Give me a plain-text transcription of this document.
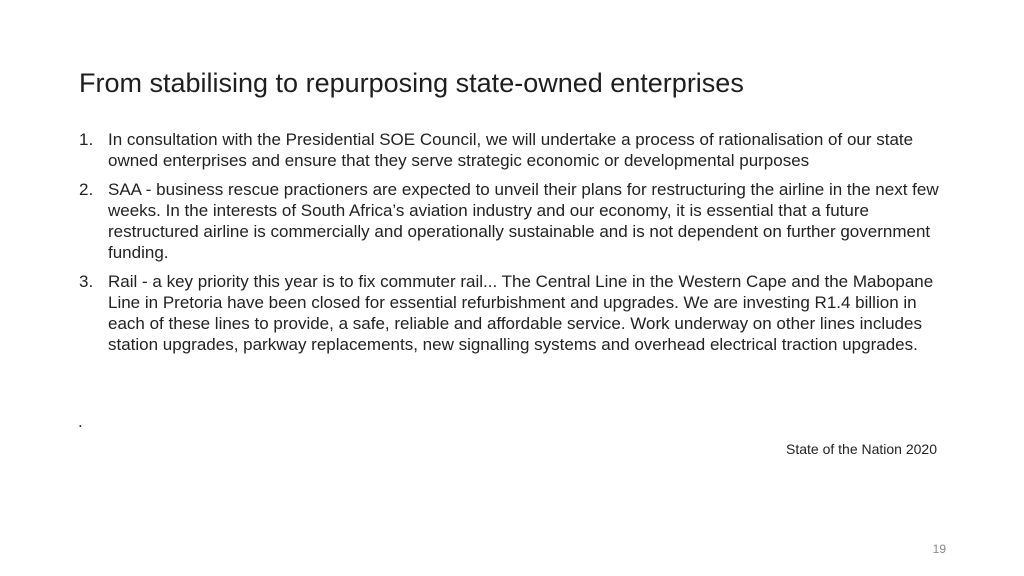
From stabilising to repurposing state-owned enterprises
1. In consultation with the Presidential SOE Council, we will undertake a process of rationalisation of our state owned enterprises and ensure that they serve strategic economic or developmental purposes
2. SAA - business rescue practioners are expected to unveil their plans for restructuring the airline in the next few weeks. In the interests of South Africa’s aviation industry and our economy, it is essential that a future restructured airline is commercially and operationally sustainable and is not dependent on further government funding.
3. Rail - a key priority this year is to fix commuter rail... The Central Line in the Western Cape and the Mabopane Line in Pretoria have been closed for essential refurbishment and upgrades. We are investing R1.4 billion in each of these lines to provide, a safe, reliable and affordable service. Work underway on other lines includes station upgrades, parkway replacements, new signalling systems and overhead electrical traction upgrades.
.
State of the Nation 2020
19
